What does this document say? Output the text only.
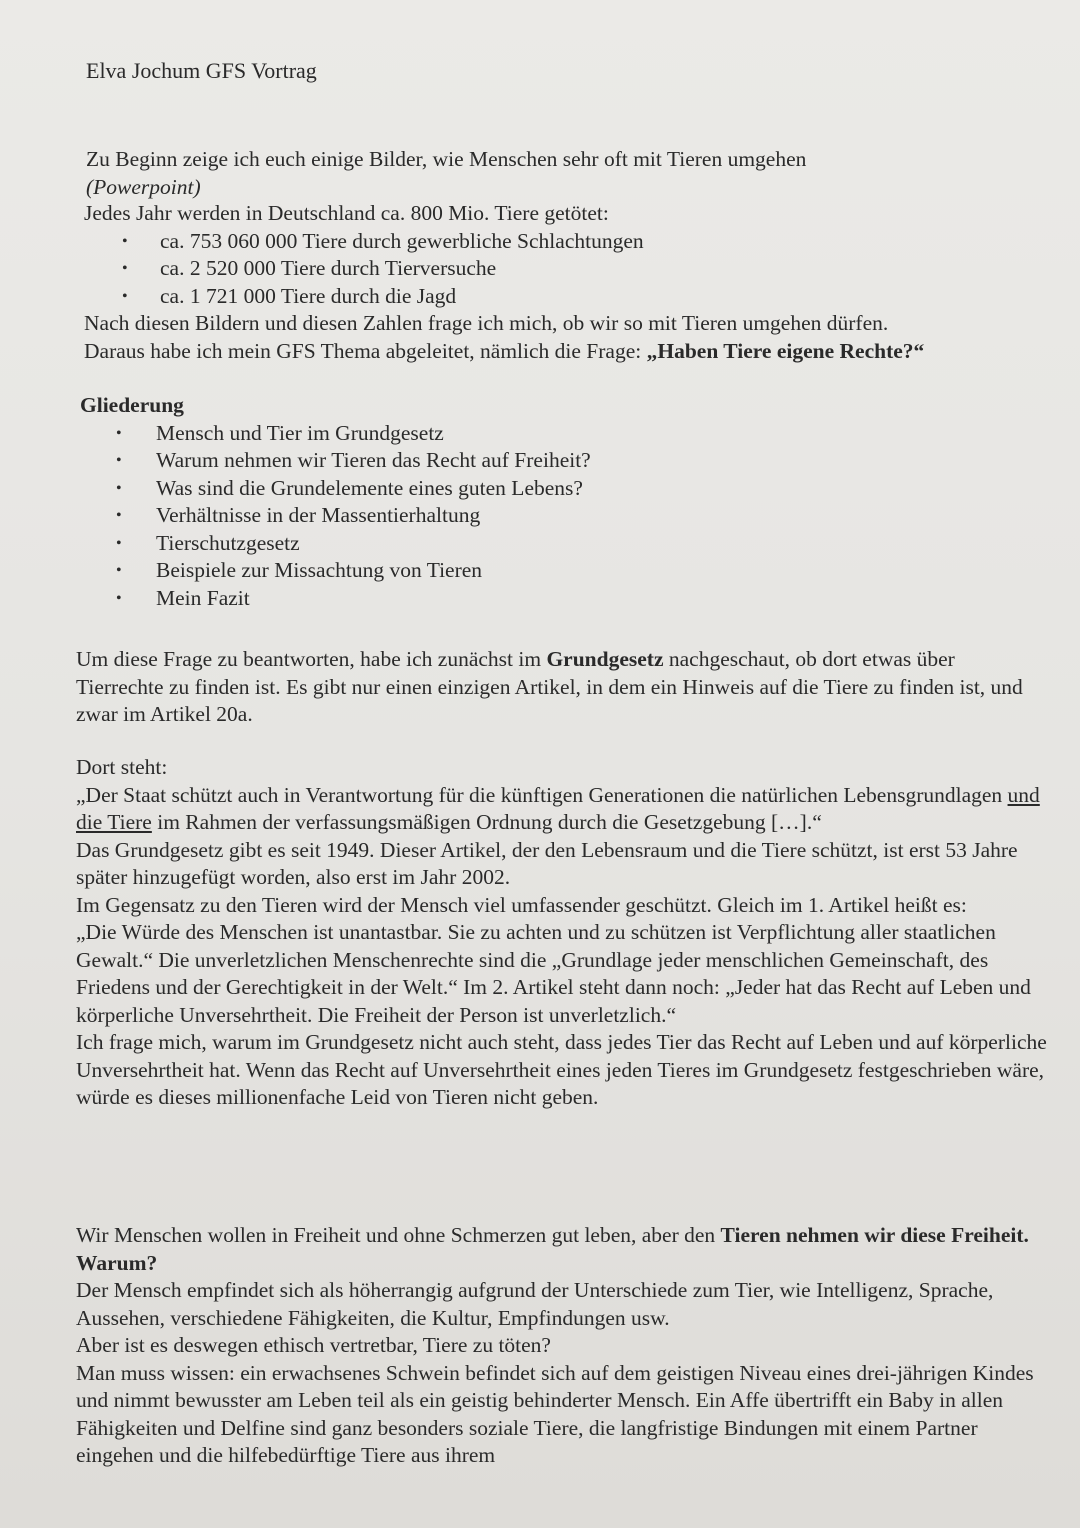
Elva Jochum GFS Vortrag

Zu Beginn zeige ich euch einige Bilder, wie Menschen sehr oft mit Tieren umgehen

(Powerpoint)

Jedes Jahr werden in Deutschland ca. 800 Mio. Tiere getötet:

• ca. 753 060 000 Tiere durch gewerbliche Schlachtungen
• ca. 2 520 000 Tiere durch Tierversuche
• ca. 1 721 000 Tiere durch die Jagd

Nach diesen Bildern und diesen Zahlen frage ich mich, ob wir so mit Tieren umgehen dürfen.

Daraus habe ich mein GFS Thema abgeleitet, nämlich die Frage: „Haben Tiere eigene Rechte?“

Gliederung

• Mensch und Tier im Grundgesetz
• Warum nehmen wir Tieren das Recht auf Freiheit?
• Was sind die Grundelemente eines guten Lebens?
• Verhältnisse in der Massentierhaltung
• Tierschutzgesetz
• Beispiele zur Missachtung von Tieren
• Mein Fazit

Um diese Frage zu beantworten, habe ich zunächst im Grundgesetz nachgeschaut, ob dort etwas über Tierrechte zu finden ist. Es gibt nur einen einzigen Artikel, in dem ein Hinweis auf die Tiere zu finden ist, und zwar im Artikel 20a.

Dort steht:

„Der Staat schützt auch in Verantwortung für die künftigen Generationen die natürlichen Lebensgrundlagen und die Tiere im Rahmen der verfassungsmäßigen Ordnung durch die Gesetzgebung […].“

Das Grundgesetz gibt es seit 1949. Dieser Artikel, der den Lebensraum und die Tiere schützt, ist erst 53 Jahre später hinzugefügt worden, also erst im Jahr 2002.

Im Gegensatz zu den Tieren wird der Mensch viel umfassender geschützt. Gleich im 1. Artikel heißt es:

„Die Würde des Menschen ist unantastbar. Sie zu achten und zu schützen ist Verpflichtung aller staatlichen Gewalt.“ Die unverletzlichen Menschenrechte sind die „Grundlage jeder menschlichen Gemeinschaft, des Friedens und der Gerechtigkeit in der Welt.“ Im 2. Artikel steht dann noch: „Jeder hat das Recht auf Leben und körperliche Unversehrtheit. Die Freiheit der Person ist unverletzlich.“

Ich frage mich, warum im Grundgesetz nicht auch steht, dass jedes Tier das Recht auf Leben und auf körperliche Unversehrtheit hat. Wenn das Recht auf Unversehrtheit eines jeden Tieres im Grundgesetz festgeschrieben wäre, würde es dieses millionenfache Leid von Tieren nicht geben.

Wir Menschen wollen in Freiheit und ohne Schmerzen gut leben, aber den Tieren nehmen wir diese Freiheit. Warum?

Der Mensch empfindet sich als höherrangig aufgrund der Unterschiede zum Tier, wie Intelligenz, Sprache, Aussehen, verschiedene Fähigkeiten, die Kultur, Empfindungen usw.

Aber ist es deswegen ethisch vertretbar, Tiere zu töten?

Man muss wissen: ein erwachsenes Schwein befindet sich auf dem geistigen Niveau eines drei-jährigen Kindes und nimmt bewusster am Leben teil als ein geistig behinderter Mensch. Ein Affe übertrifft ein Baby in allen Fähigkeiten und Delfine sind ganz besonders soziale Tiere, die langfristige Bindungen mit einem Partner eingehen und die hilfebedürftige Tiere aus ihrem
